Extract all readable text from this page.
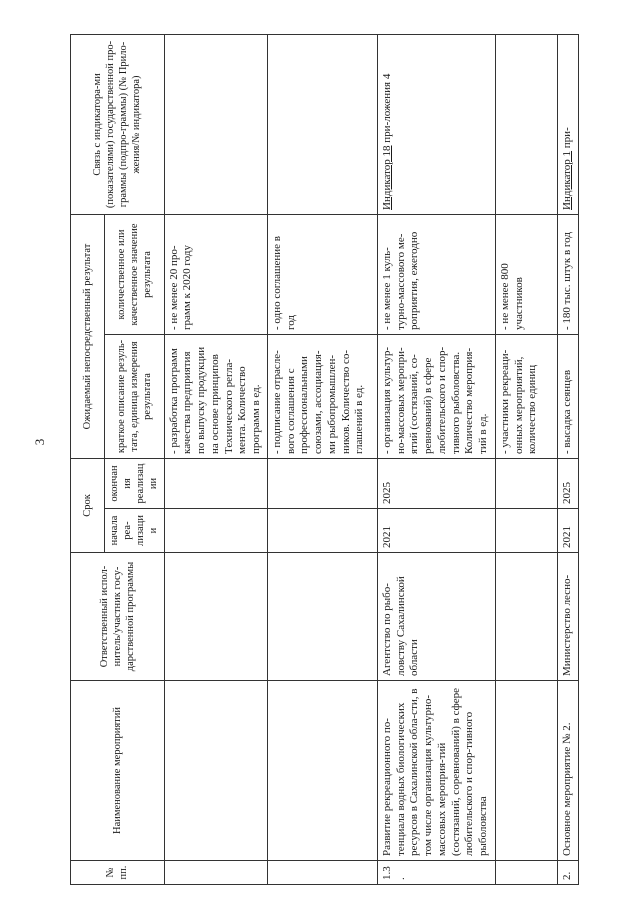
3
№ пп.	Наименование мероприятий	Ответственный испол-нитель/участник госу-дарственной программы	Срок		Ожидаемый непосредственный результат		Связь с индикатора-ми (показателями) государственной про-граммы (подпро-граммы) (№ Прило-жения/№ индикатора)
			начала реа-лизации	окончания реализации	краткое описание резуль-тата, единица измерения результата	количественное или качественное значение результата	
					- разработка программ качества предприятия по выпуску продукции на основе принципов Технического регла-мента. Количество программ в ед.	- не менее 20 про-грамм к 2020 году	
					- подписание отрасле-вого соглашения с профессиональными союзами, ассоциация-ми рыбопромышлен-ников. Количество со-глашений в ед.	- одно соглашение в год	
1.3.	Развитие рекреационного по-тенциала водных биологических ресурсов в Сахалинской обла-сти, в том числе организация культурно-массовых мероприя-тий (состязаний, соревнований) в сфере любительского и спор-тивного рыболовства	Агентство по рыбо-ловству Сахалинской области	2021	2025	- организация культур-но-массовых меропри-ятий (состязаний, со-ревнований) в сфере любительского и спор-тивного рыболовства. Количество мероприя-тий в ед.	- не менее 1 куль-турно-массового ме-роприятия, ежегодно	Индикатор 18 при-ложения 4
					- участники рекреаци-онных мероприятий, количество единиц	- не менее 800 участников	
2.	Основное мероприятие № 2.	Министерство лесно-	2021	2025	- высадка сеянцев	- 180 тыс. штук в год	Индикатор 1 при-
